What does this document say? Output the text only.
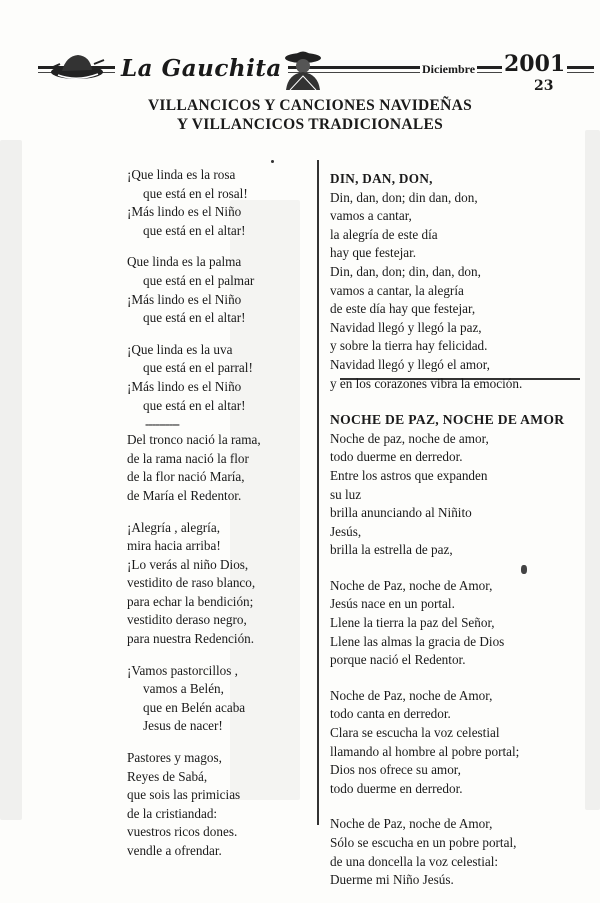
La Gauchita	Diciembre 2001
23
VILLANCICOS Y CANCIONES NAVIDEÑAS
Y VILLANCICOS TRADICIONALES
¡Que linda es la rosa
que está en el rosal!
¡Más lindo es el Niño
que está en el altar!
Que linda es la palma
que está en el palmar
¡Más lindo es el Niño
que está en el altar!
¡Que linda es la uva
que está en el parral!
¡Más lindo es el Niño
que está en el altar!
----------
Del tronco nació la rama,
de la rama nació la flor
de la flor nació María,
de María el Redentor.
¡Alegría , alegría,
mira hacia arriba!
¡Lo verás al niño Dios,
vestidito de raso blanco,
para echar la bendición;
vestidito deraso negro,
para nuestra Redención.
¡Vamos pastorcillos ,
vamos a Belén,
que en Belén acaba
Jesus de nacer!
Pastores y magos,
Reyes de Sabá,
que sois las primicias
de la cristiandad:
vuestros ricos dones.
vendle a ofrendar.
DIN, DAN, DON,
Din, dan, don; din dan, don,
vamos a cantar,
la alegría de este día
hay que festejar.
Din, dan, don; din, dan, don,
vamos a cantar, la alegría
de este día hay que festejar,
Navidad llegó y llegó la paz,
y sobre la tierra hay felicidad.
Navidad llegó y llegó el amor,
y en los corazones vibra la emoción.
NOCHE DE PAZ, NOCHE DE AMOR
Noche de paz, noche de amor,
todo duerme en derredor.
Entre los astros que expanden
su luz
brilla anunciando al Niñito
Jesús,
brilla la estrella de paz,
Noche de Paz, noche de Amor,
Jesús nace en un portal.
Llene la tierra la paz del Señor,
Llene las almas la gracia de Dios
porque nació el Redentor.
Noche de Paz, noche de Amor,
todo canta en derredor.
Clara se escucha la voz celestial
llamando al hombre al pobre portal;
Dios nos ofrece su amor,
todo duerme en derredor.
Noche de Paz, noche de Amor,
Sólo se escucha en un pobre portal,
de una doncella la voz celestial:
Duerme mi Niño Jesús.
